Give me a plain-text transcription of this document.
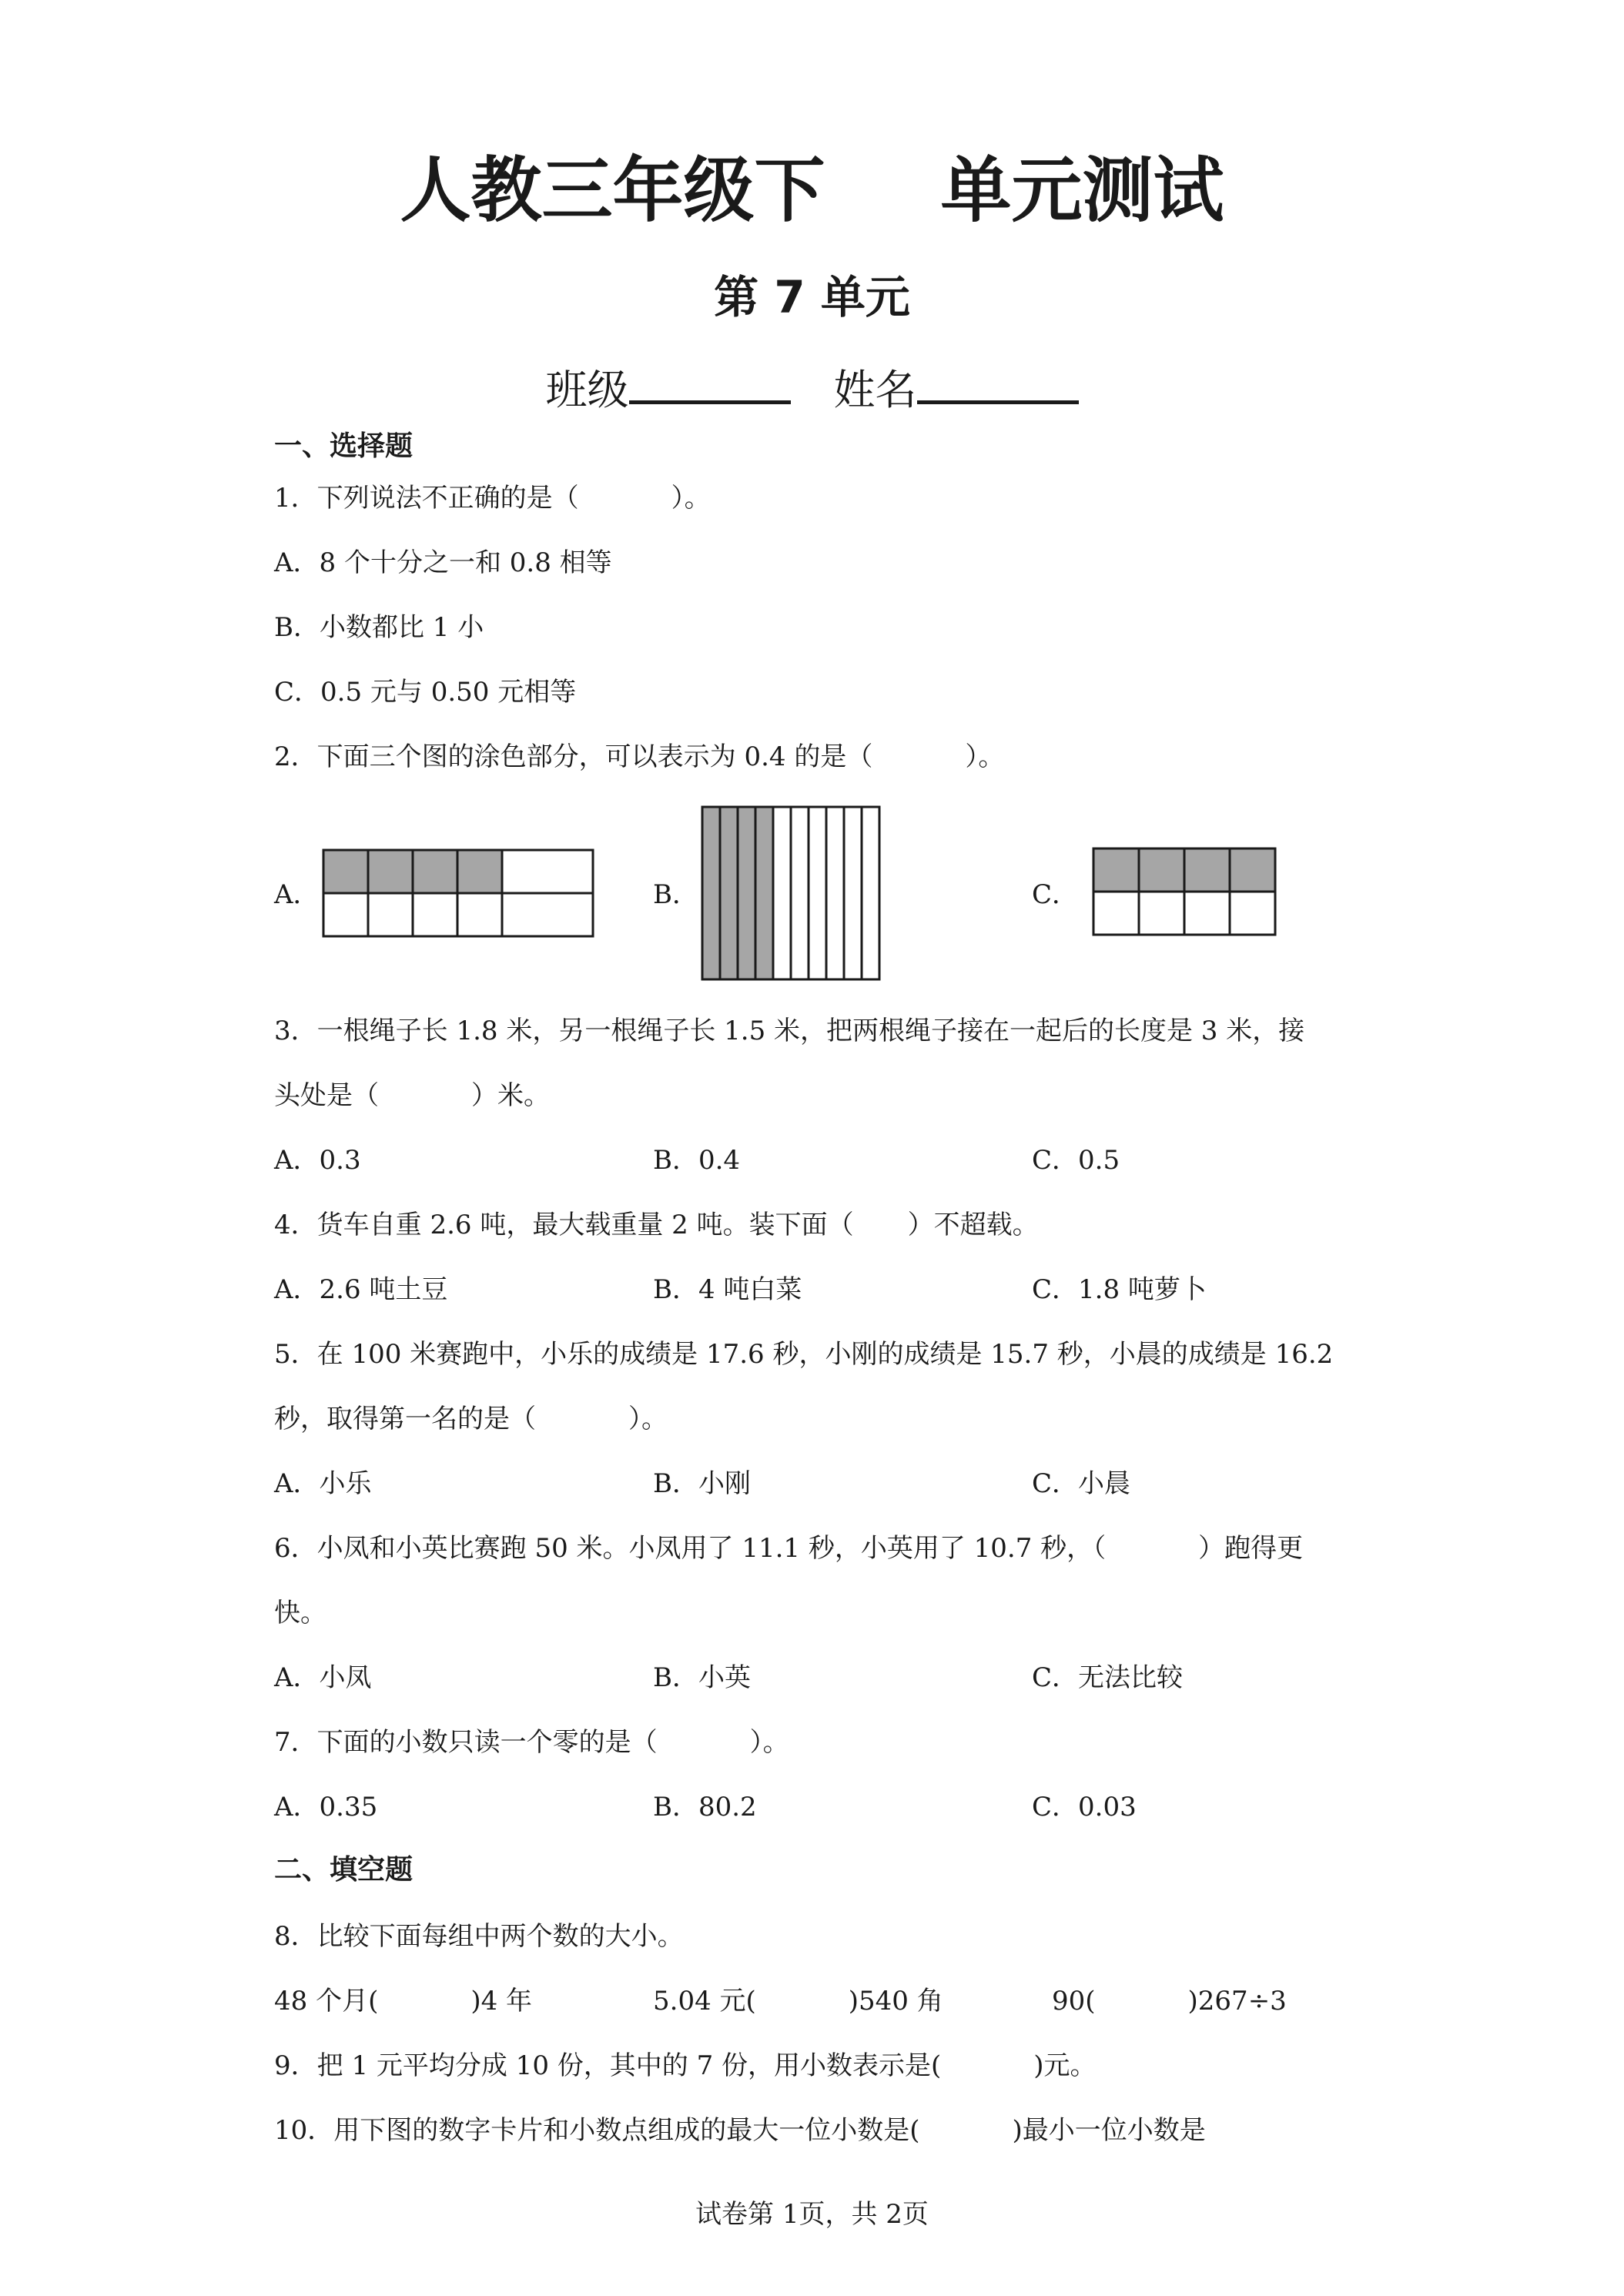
人教三年级下 单元测试
第 7 单元
班级	姓名
一、选择题
1．下列说法不正确的是（	）。
A．8 个十分之一和 0.8 相等
B．小数都比 1 小
C．0.5 元与 0.50 元相等
2．下面三个图的涂色部分，可以表示为 0.4 的是（	）。
A．	B．	C．
3．一根绳子长 1.8 米，另一根绳子长 1.5 米，把两根绳子接在一起后的长度是 3 米，接
头处是（	）米。
A．0.3	B．0.4	C．0.5
4．货车自重 2.6 吨，最大载重量 2 吨。装下面（ ）不超载。
A．2.6 吨土豆	B．4 吨白菜	C．1.8 吨萝卜
5．在 100 米赛跑中，小乐的成绩是 17.6 秒，小刚的成绩是 15.7 秒，小晨的成绩是 16.2
秒，取得第一名的是（	）。
A．小乐	B．小刚	C．小晨
6．小凤和小英比赛跑 50 米。小凤用了 11.1 秒，小英用了 10.7 秒，（	）跑得更
快。
A．小凤	B．小英	C．无法比较
7．下面的小数只读一个零的是（	）。
A．0.35	B．80.2	C．0.03
二、填空题
8．比较下面每组中两个数的大小。
48 个月(	)4 年	5.04 元(	)540 角	90(	)267÷3
9．把 1 元平均分成 10 份，其中的 7 份，用小数表示是(	)元。
10．用下图的数字卡片和小数点组成的最大一位小数是(	)最小一位小数是
试卷第 1页，共 2页
